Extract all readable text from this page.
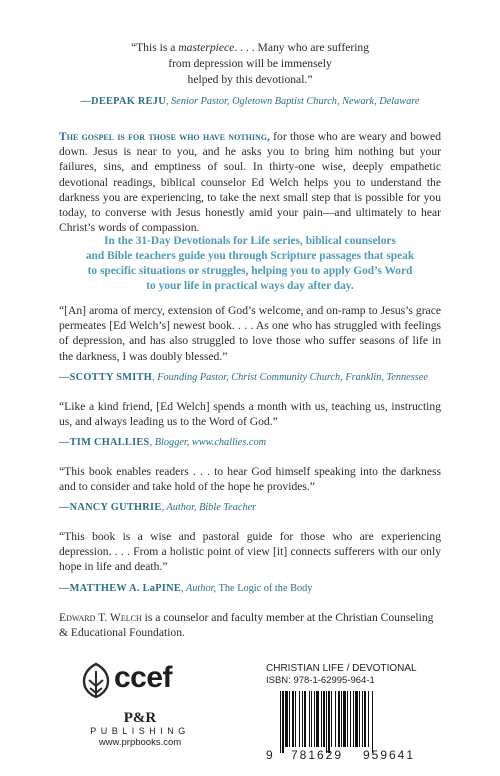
“This is a masterpiece. . . . Many who are suffering
from depression will be immensely
helped by this devotional.”
—DEEPAK REJU, Senior Pastor, Ogletown Baptist Church, Newark, Delaware
The gospel is for those who have nothing, for those who are weary and bowed down. Jesus is near to you, and he asks you to bring him nothing but your failures, sins, and emptiness of soul. In thirty-one wise, deeply empathetic devotional readings, biblical counselor Ed Welch helps you to understand the darkness you are experiencing, to take the next small step that is possible for you today, to converse with Jesus honestly amid your pain—and ultimately to hear Christ’s words of compassion.
In the 31-Day Devotionals for Life series, biblical counselors
and Bible teachers guide you through Scripture passages that speak
to specific situations or struggles, helping you to apply God’s Word
to your life in practical ways day after day.
“[An] aroma of mercy, extension of God’s welcome, and on-ramp to Jesus’s grace permeates [Ed Welch’s] newest book. . . . As one who has struggled with feelings of depression, and has also struggled to love those who suffer seasons of life in the darkness, I was doubly blessed.”
—SCOTTY SMITH, Founding Pastor, Christ Community Church, Franklin, Tennessee
“Like a kind friend, [Ed Welch] spends a month with us, teaching us, instructing us, and always leading us to the Word of God.”
—TIM CHALLIES, Blogger, www.challies.com
“This book enables readers . . . to hear God himself speaking into the darkness and to consider and take hold of the hope he provides.”
—NANCY GUTHRIE, Author, Bible Teacher
“This book is a wise and pastoral guide for those who are experiencing depression. . . . From a holistic point of view [it] connects sufferers with our only hope in life and death.”
—MATTHEW A. LaPINE, Author, The Logic of the Body
Edward T. Welch is a counselor and faculty member at the Christian Counseling & Educational Foundation.
ccef
P&R
PUBLISHING
www.prpbooks.com
CHRISTIAN LIFE / DEVOTIONAL
ISBN: 978-1-62995-964-1
9	781629	959641
